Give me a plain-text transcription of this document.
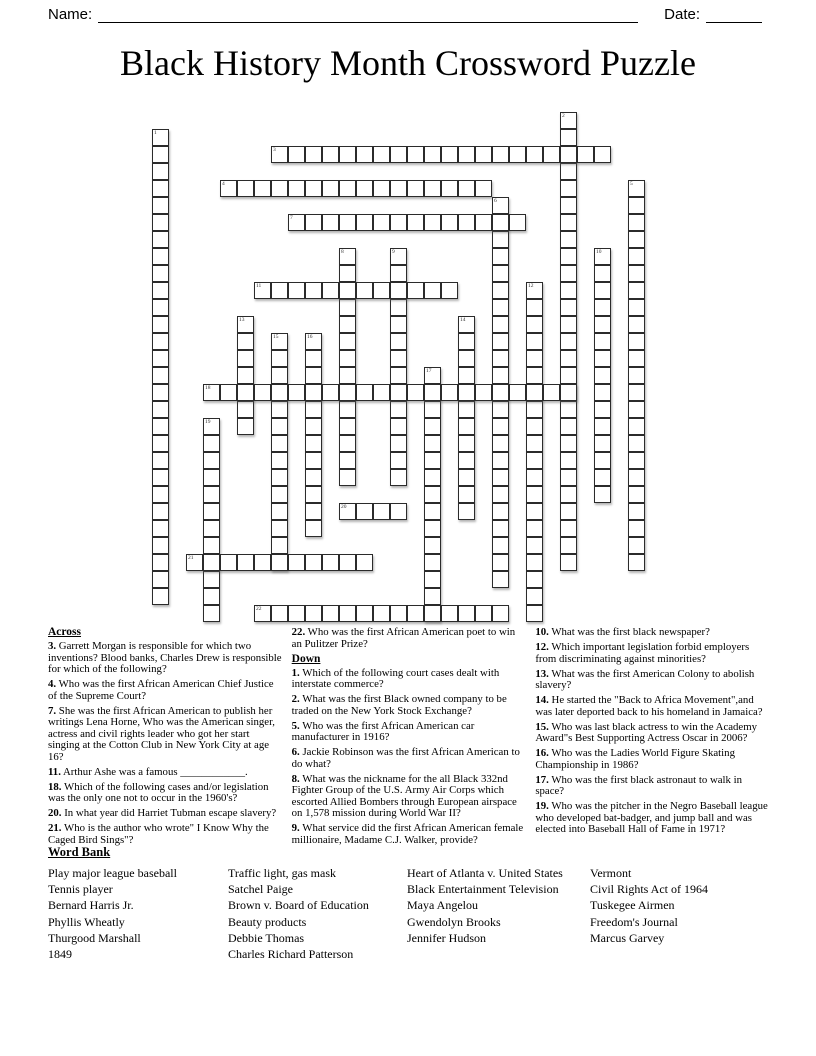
Name:	Date:
Black History Month Crossword Puzzle
1
2
3
4	5
6
7
8	9	10
11	12
13	14
15	16
17
18
19
20
21
22
Across

3. Garrett Morgan is responsible for which two inventions? Blood banks, Charles Drew is responsible for which of the following?

4. Who was the first African American Chief Justice of the Supreme Court?

7. She was the first African American to publish her writings Lena Horne, Who was the American singer, actress and civil rights leader who got her start singing at the Cotton Club in New York City at age 16?

11. Arthur Ashe was a famous ____________.

18. Which of the following cases and/or legislation was the only one not to occur in the 1960's?

20. In what year did Harriet Tubman escape slavery?

21. Who is the author who wrote" I Know Why the Caged Bird Sings"?

22. Who was the first African American poet to win an Pulitzer Prize?

Down

1. Which of the following court cases dealt with interstate commerce?

2. What was the first Black owned company to be traded on the New York Stock Exchange?

5. Who was the first African American car manufacturer in 1916?

6. Jackie Robinson was the first African American to do what?

8. What was the nickname for the all Black 332nd Fighter Group of the U.S. Army Air Corps which escorted Allied Bombers through European airspace on 1,578 mission during World War II?

9. What service did the first African American female millionaire, Madame C.J. Walker, provide?

10. What was the first black newspaper?

12. Which important legislation forbid employers from discriminating against minorities?

13. What was the first American Colony to abolish slavery?

14. He started the "Back to Africa Movement",and was later deported back to his homeland in Jamaica?

15. Who was last black actress to win the Academy Award"s Best Supporting Actress Oscar in 2006?

16. Who was the Ladies World Figure Skating Championship in 1986?

17. Who was the first black astronaut to walk in space?

19. Who was the pitcher in the Negro Baseball league who developed bat-badger, and jump ball and was elected into Baseball Hall of Fame in 1971?

Word Bank
Play major league baseball
Tennis player
Bernard Harris Jr.
Phyllis Wheatly
Thurgood Marshall
1849
Traffic light, gas mask
Satchel Paige
Brown v. Board of Education
Beauty products
Debbie Thomas
Charles Richard Patterson
Heart of Atlanta v. United States
Black Entertainment Television
Maya Angelou
Gwendolyn Brooks
Jennifer Hudson
Vermont
Civil Rights Act of 1964
Tuskegee Airmen
Freedom's Journal
Marcus Garvey
